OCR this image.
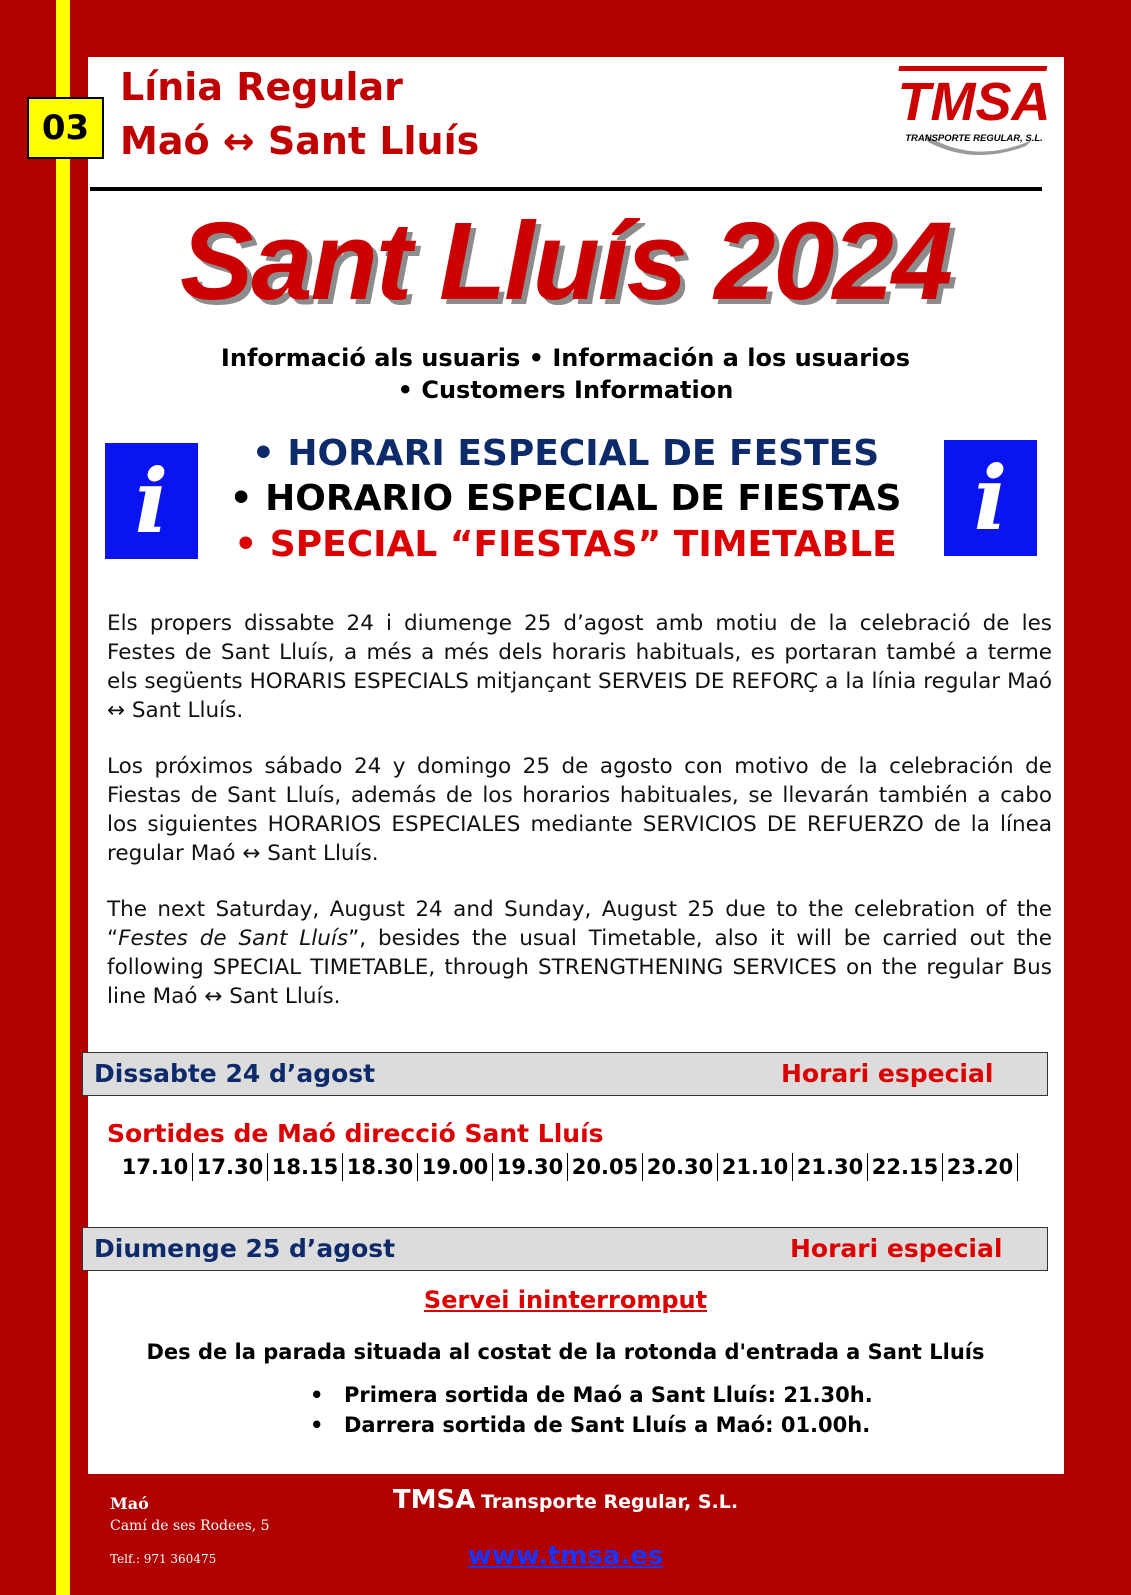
03
Línia Regular
Maó ↔ Sant Lluís
TMSA
TRANSPORTE REGULAR, S.L.
Sant Lluís 2024
Informació als usuaris • Información a los usuarios
• Customers Information
i	i
• HORARI ESPECIAL DE FESTES
• HORARIO ESPECIAL DE FIESTAS
• SPECIAL “FIESTAS” TIMETABLE

Els propers dissabte 24 i diumenge 25 d’agost amb motiu de la celebració de les Festes de Sant Lluís, a més a més dels horaris habituals, es portaran també a terme els següents HORARIS ESPECIALS mitjançant SERVEIS DE REFORÇ a la línia regular Maó ↔ Sant Lluís.

Los próximos sábado 24 y domingo 25 de agosto con motivo de la celebración de Fiestas de Sant Lluís, además de los horarios habituales, se llevarán también a cabo los siguientes HORARIOS ESPECIALES mediante SERVICIOS DE REFUERZO de la línea regular Maó ↔ Sant Lluís.

The next Saturday, August 24 and Sunday, August 25 due to the celebration of the “Festes de Sant Lluís”, besides the usual Timetable, also it will be carried out the following SPECIAL TIMETABLE, through STRENGTHENING SERVICES on the regular Bus line Maó ↔ Sant Lluís.

Dissabte 24 d’agost	Horari especial
Sortides de Maó direcció Sant Lluís
17.10 17.30 18.15 18.30 19.00 19.30 20.05 20.30 21.10 21.30 22.15 23.20
Diumenge 25 d’agost	Horari especial
Servei ininterromput
Des de la parada situada al costat de la rotonda d'entrada a Sant Lluís
• Primera sortida de Maó a Sant Lluís: 21.30h.
• Darrera sortida de Sant Lluís a Maó: 01.00h.
Maó
Camí de ses Rodees, 5
Telf.: 971 360475
TMSA Transporte Regular, S.L.
www.tmsa.es
